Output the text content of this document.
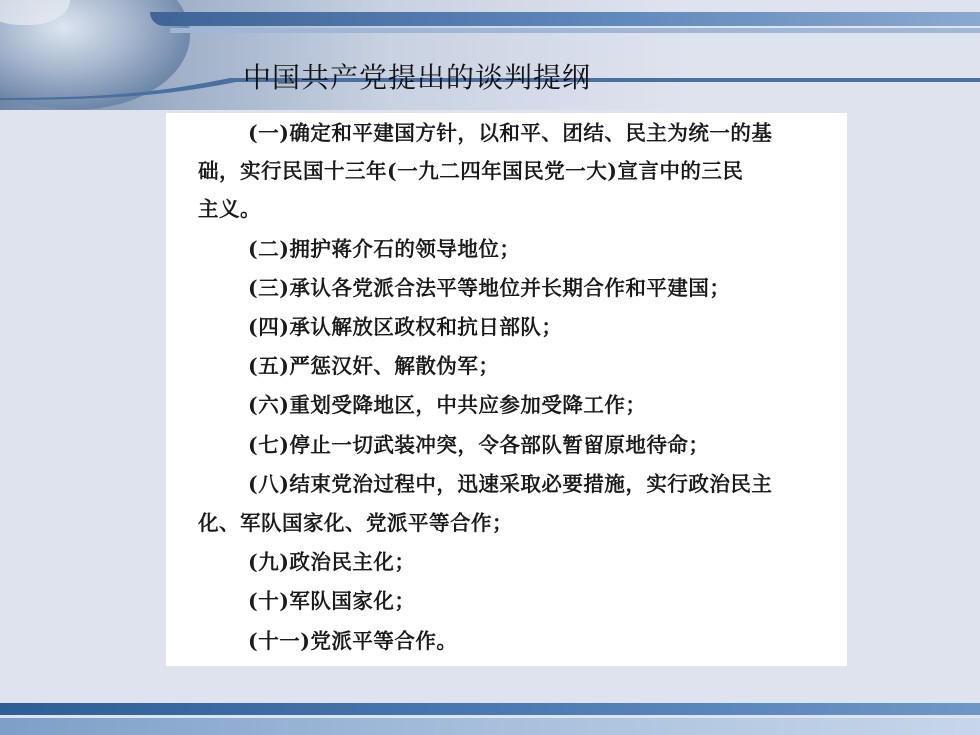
中国共产党提出的谈判提纲
(一)确定和平建国方针，以和平、团结、民主为统一的基
础，实行民国十三年(一九二四年国民党一大)宣言中的三民
主义。
(二)拥护蒋介石的领导地位；
(三)承认各党派合法平等地位并长期合作和平建国；
(四)承认解放区政权和抗日部队；
(五)严惩汉奸、解散伪军；
(六)重划受降地区，中共应参加受降工作；
(七)停止一切武装冲突，令各部队暂留原地待命；
(八)结束党治过程中，迅速采取必要措施，实行政治民主
化、军队国家化、党派平等合作；
(九)政治民主化；
(十)军队国家化；
(十一)党派平等合作。
